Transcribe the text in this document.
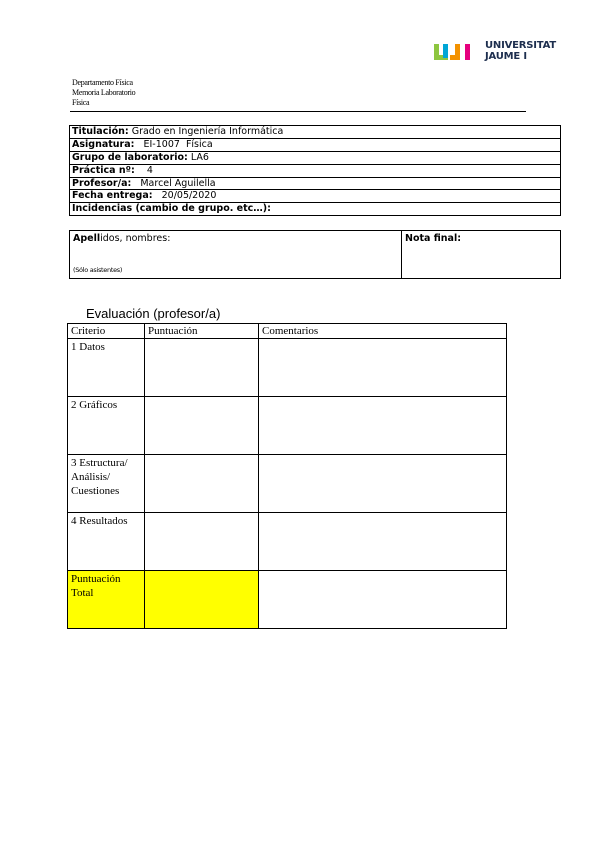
UNIVERSITAT
JAUME I
Departamento Física
Memoria Laboratorio
Física
Titulación: Grado en Ingeniería Informática
Asignatura:   EI-1007  Física
Grupo de laboratorio: LA6
Práctica nº:    4
Profesor/a:   Marcel Aguilella
Fecha entrega:   20/05/2020
Incidencias (cambio de grupo. etc…):
Apellidos, nombres:
(Sólo asistentes)
Nota final:
Evaluación (profesor/a)
Criterio	Puntuación	Comentarios
1 Datos		
2 Gráficos		
3 Estructura/ Análisis/ Cuestiones		
4 Resultados		
Puntuación Total		
